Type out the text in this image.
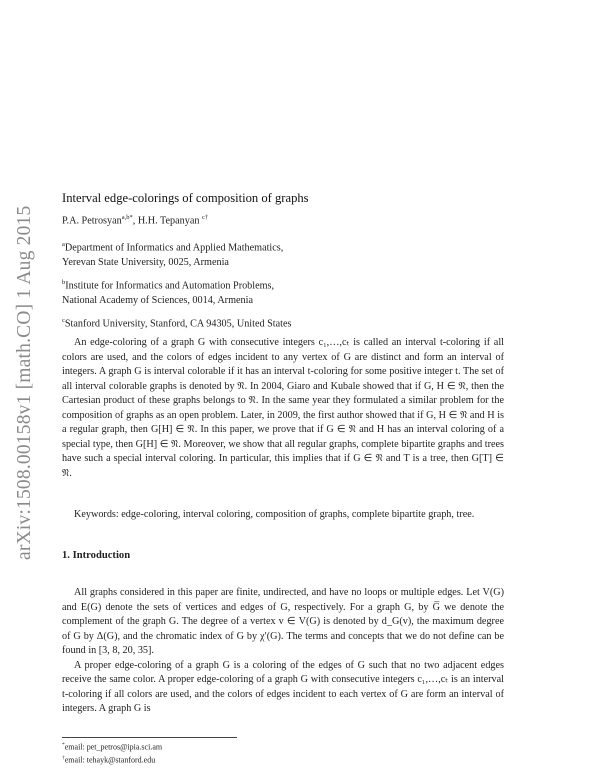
arXiv:1508.00158v1 [math.CO] 1 Aug 2015
Interval edge-colorings of composition of graphs
P.A. Petrosyan$^{a,b*}$, H.H. Tepanyan $^{c\dagger}$
$^a$Department of Informatics and Applied Mathematics,
Yerevan State University, 0025, Armenia
$^b$Institute for Informatics and Automation Problems,
National Academy of Sciences, 0014, Armenia
$^c$Stanford University, Stanford, CA 94305, United States

An edge-coloring of a graph G with consecutive integers c₁,…,cₜ is called an interval t-coloring if all colors are used, and the colors of edges incident to any vertex of G are distinct and form an interval of integers. A graph G is interval colorable if it has an interval t-coloring for some positive integer t. The set of all interval colorable graphs is denoted by 𝔑. In 2004, Giaro and Kubale showed that if G, H ∈ 𝔑, then the Cartesian product of these graphs belongs to 𝔑. In the same year they formulated a similar problem for the composition of graphs as an open problem. Later, in 2009, the first author showed that if G, H ∈ 𝔑 and H is a regular graph, then G[H] ∈ 𝔑. In this paper, we prove that if G ∈ 𝔑 and H has an interval coloring of a special type, then G[H] ∈ 𝔑. Moreover, we show that all regular graphs, complete bipartite graphs and trees have such a special interval coloring. In particular, this implies that if G ∈ 𝔑 and T is a tree, then G[T] ∈ 𝔑.

Keywords: edge-coloring, interval coloring, composition of graphs, complete bipartite graph, tree.
1. Introduction

All graphs considered in this paper are finite, undirected, and have no loops or multiple edges. Let V(G) and E(G) denote the sets of vertices and edges of G, respectively. For a graph G, by G̅ we denote the complement of the graph G. The degree of a vertex v ∈ V(G) is denoted by d_G(v), the maximum degree of G by Δ(G), and the chromatic index of G by χ′(G). The terms and concepts that we do not define can be found in [3, 8, 20, 35].

A proper edge-coloring of a graph G is a coloring of the edges of G such that no two adjacent edges receive the same color. A proper edge-coloring of a graph G with consecutive integers c₁,…,cₜ is an interval t-coloring if all colors are used, and the colors of edges incident to each vertex of G are form an interval of integers. A graph G is

*email: pet_petros@ipia.sci.am
†email: tehayk@stanford.edu
